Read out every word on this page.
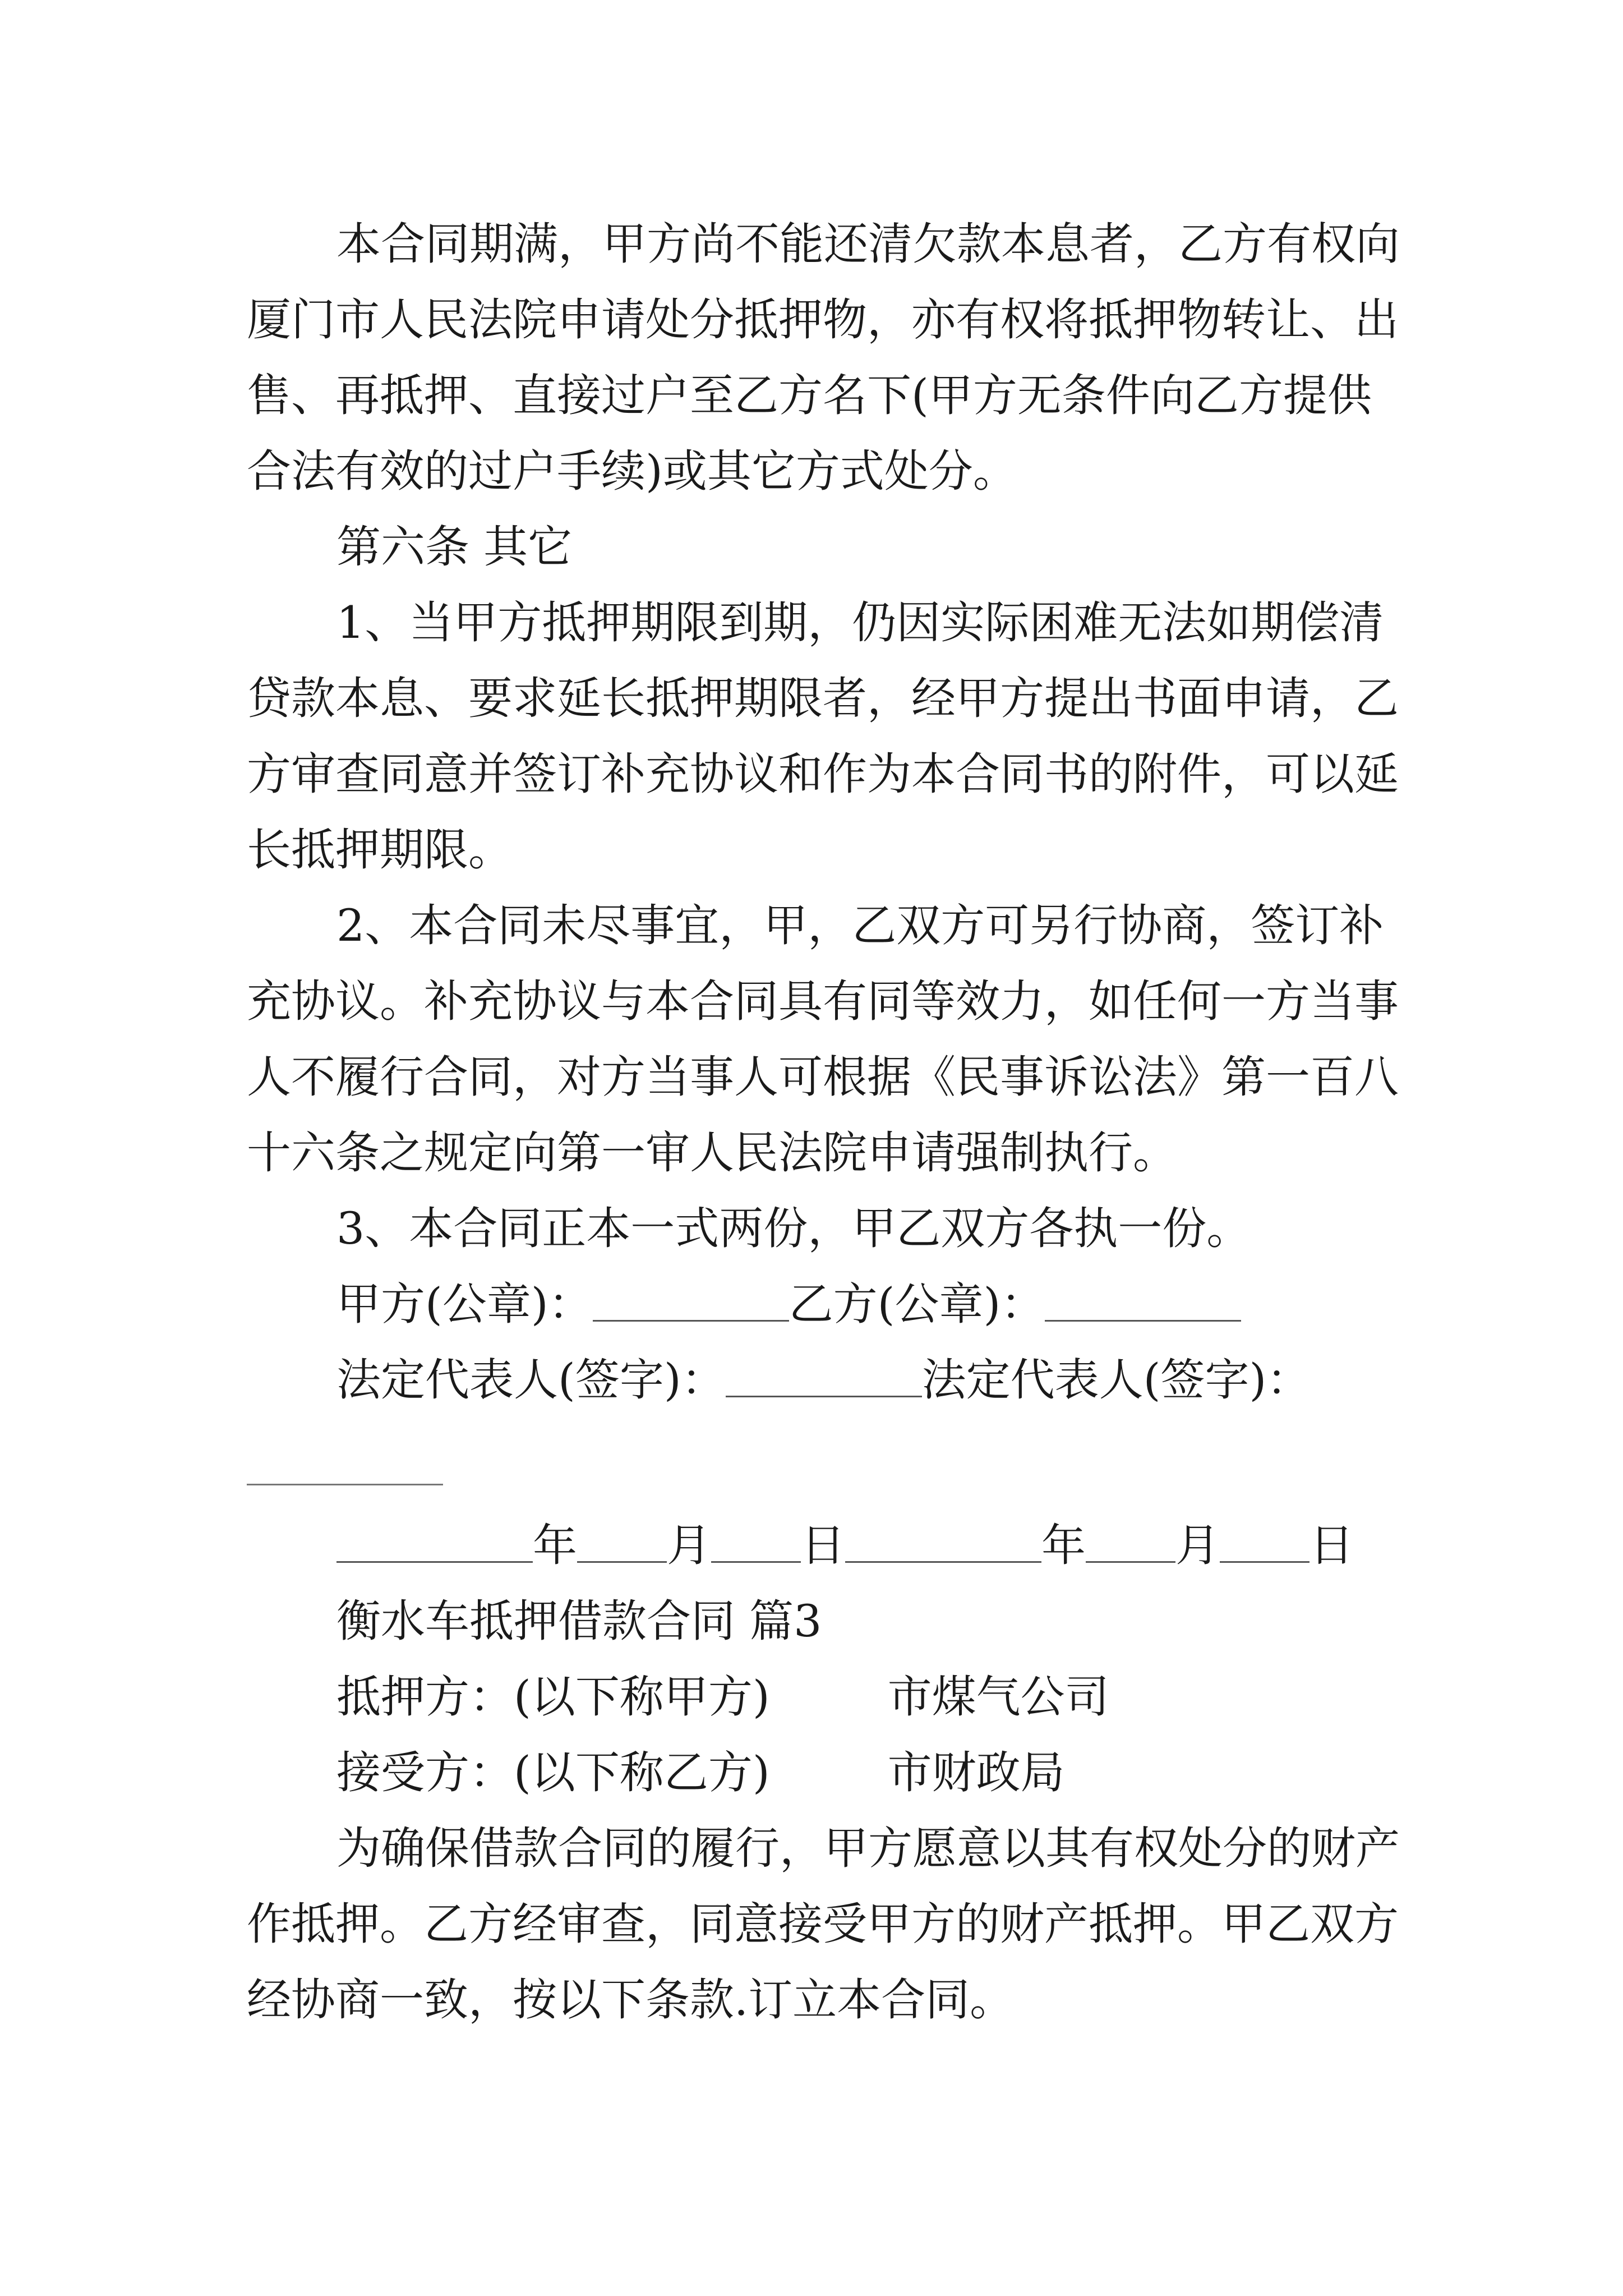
本合同期满，甲方尚不能还清欠款本息者，乙方有权向
厦门市人民法院申请处分抵押物，亦有权将抵押物转让、出
售、再抵押、直接过户至乙方名下(甲方无条件向乙方提供
合法有效的过户手续)或其它方式处分。
第六条 其它
1、当甲方抵押期限到期，仍因实际困难无法如期偿清
贷款本息、要求延长抵押期限者，经甲方提出书面申请，乙
方审查同意并签订补充协议和作为本合同书的附件，可以延
长抵押期限。
2、本合同未尽事宜，甲，乙双方可另行协商，签订补
充协议。补充协议与本合同具有同等效力，如任何一方当事
人不履行合同，对方当事人可根据《民事诉讼法》第一百八
十六条之规定向第一审人民法院申请强制执行。
3、本合同正本一式两份，甲乙双方各执一份。
甲方(公章)：	乙方(公章)：
法定代表人(签字)：	法定代表人(签字)：
年 月 日	年 月 日
衡水车抵押借款合同 篇3
抵押方：(以下称甲方)	市煤气公司
接受方：(以下称乙方)	市财政局
为确保借款合同的履行，甲方愿意以其有权处分的财产
作抵押。乙方经审查，同意接受甲方的财产抵押。甲乙双方
经协商一致，按以下条款.订立本合同。
